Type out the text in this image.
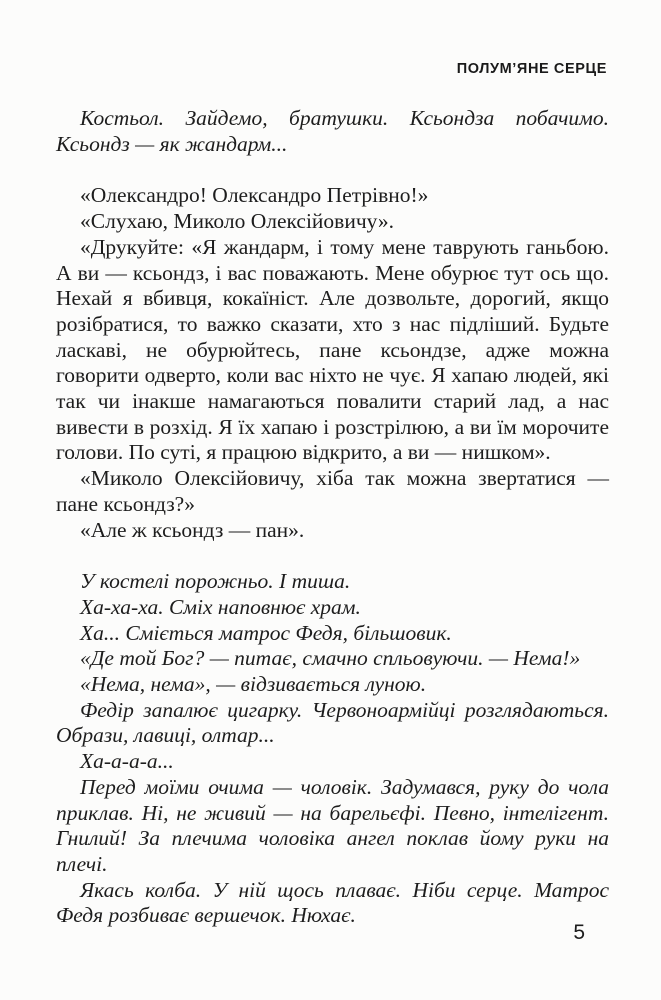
ПОЛУМ’ЯНЕ СЕРЦЕ

Костьол. Зайдемо, братушки. Ксьондза побачимо. Ксьондз — як жандарм...

«Олександро! Олександро Петрівно!»

«Слухаю, Миколо Олексійовичу».

«Друкуйте: «Я жандарм, і тому мене таврують ганьбою. А ви — ксьондз, і вас поважають. Мене обурює тут ось що. Нехай я вбивця, кокаїніст. Але дозвольте, дорогий, якщо розібратися, то важко сказати, хто з нас підліший. Будьте ласкаві, не обурюйтесь, пане ксьондзе, адже можна говорити одверто, коли вас ніхто не чує. Я хапаю людей, які так чи інакше намагаються повалити старий лад, а нас вивести в розхід. Я їх хапаю і розстрілюю, а ви їм морочите голови. По суті, я працюю відкрито, а ви — нишком».

«Миколо Олексійовичу, хіба так можна звертатися — пане ксьондз?»

«Але ж ксьондз — пан».

У костелі порожньо. І тиша.

Ха-ха-ха. Сміх наповнює храм.

Ха... Сміється матрос Федя, більшовик.

«Де той Бог? — питає, смачно спльовуючи. — Нема!»

«Нема, нема», — відзивається луною.

Федір запалює цигарку. Червоноармійці розглядаються. Образи, лавиці, олтар...

Ха-а-а-а...

Перед моїми очима — чоловік. Задумався, руку до чола приклав. Ні, не живий — на барельєфі. Певно, інтелігент. Гнилий! За плечима чоловіка ангел поклав йому руки на плечі.

Якась колба. У ній щось плаває. Ніби серце. Матрос Федя розбиває вершечок. Нюхає.

5
